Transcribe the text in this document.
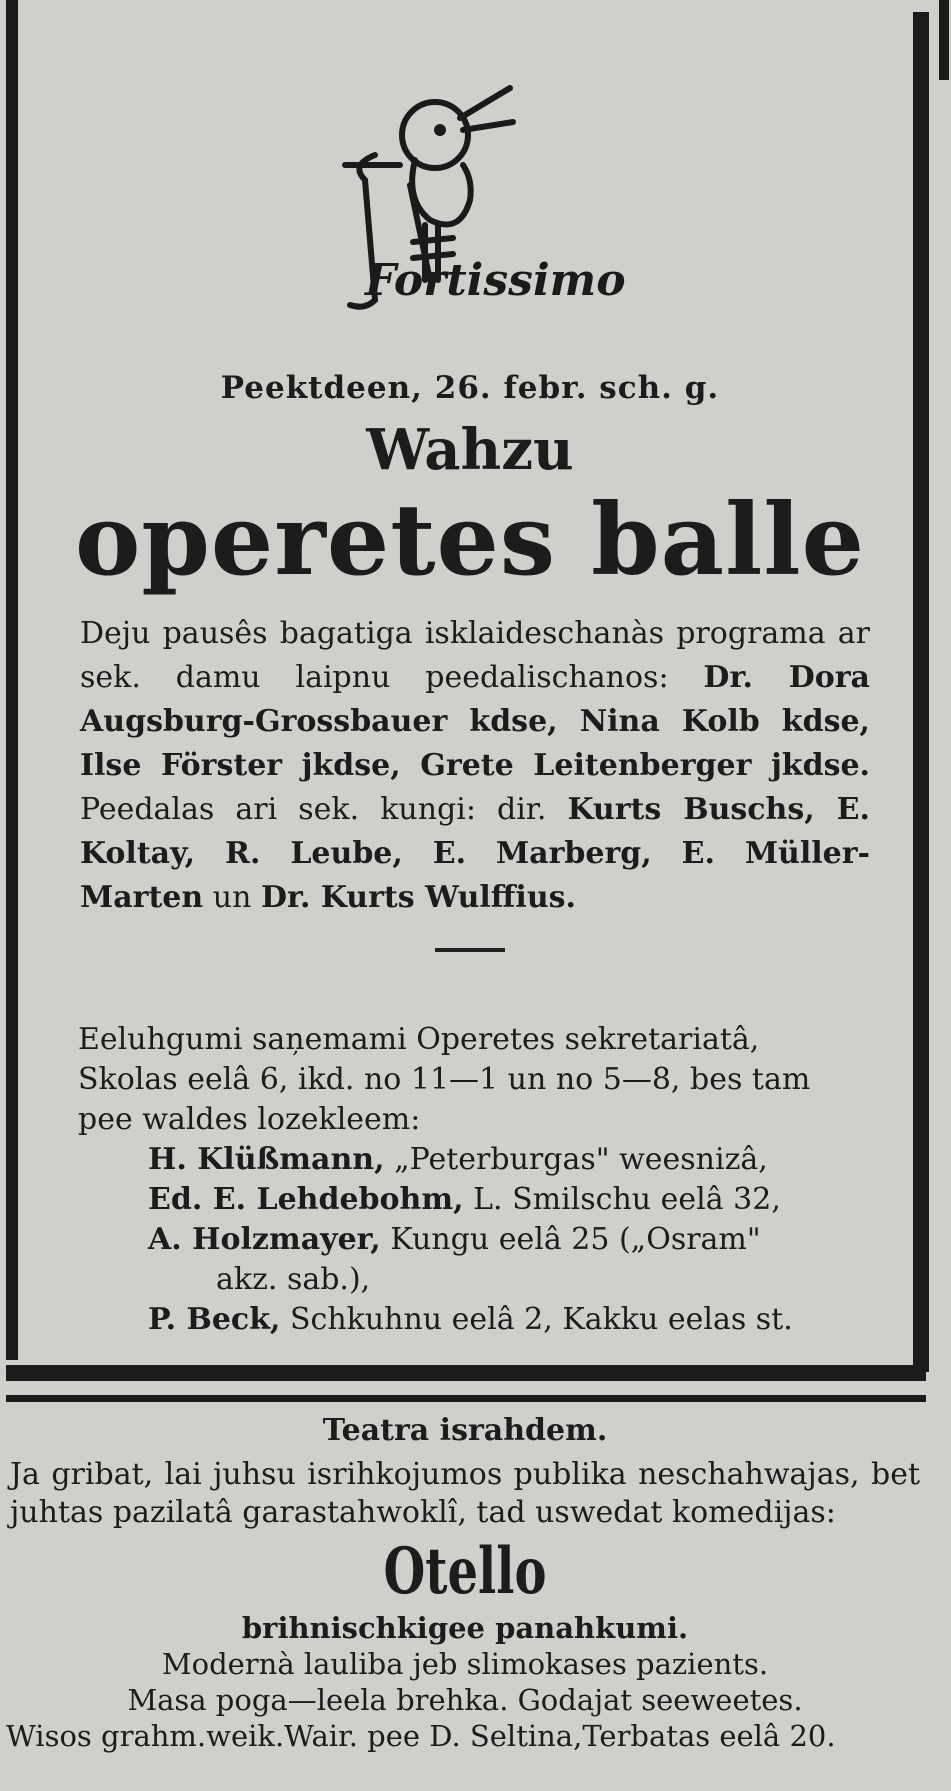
Fortissimo

Peektdeen, 26. febr. sch. g.

Wahzu

operetes balle

Deju pausês bagatiga isklaideschanàs programa ar sek. damu laipnu peedalischanos: Dr. Dora Augsburg-Grossbauer kdse, Nina Kolb kdse, Ilse Förster jkdse, Grete Leitenberger jkdse. Peedalas ari sek. kungi: dir. Kurts Buschs, E. Koltay, R. Leube, E. Marberg, E. Müller-Marten un Dr. Kurts Wulffius.

Eeluhgumi saņemami Operetes sekretariatâ, Skolas eelâ 6, ikd. no 11—1 un no 5—8, bes tam pee waldes lozekleem:

H. Klüßmann, „Peterburgas" weesnizâ,
Ed. E. Lehdebohm, L. Smilschu eelâ 32,
A. Holzmayer, Kungu eelâ 25 („Osram"
akz. sab.),
P. Beck, Schkuhnu eelâ 2, Kakku eelas st.
Teatra israhdem.

Ja gribat, lai juhsu isrihkojumos publika neschahwajas, bet juhtas pazilatâ garastahwoklî, tad uswedat komedijas:

Otello

brihnischkigee panahkumi.

Modernà lauliba jeb slimokases pazients.

Masa poga—leela brehka. Godajat seeweetes.

Wisos grahm.weik.Wair. pee D. Seltina,Terbatas eelâ 20.
